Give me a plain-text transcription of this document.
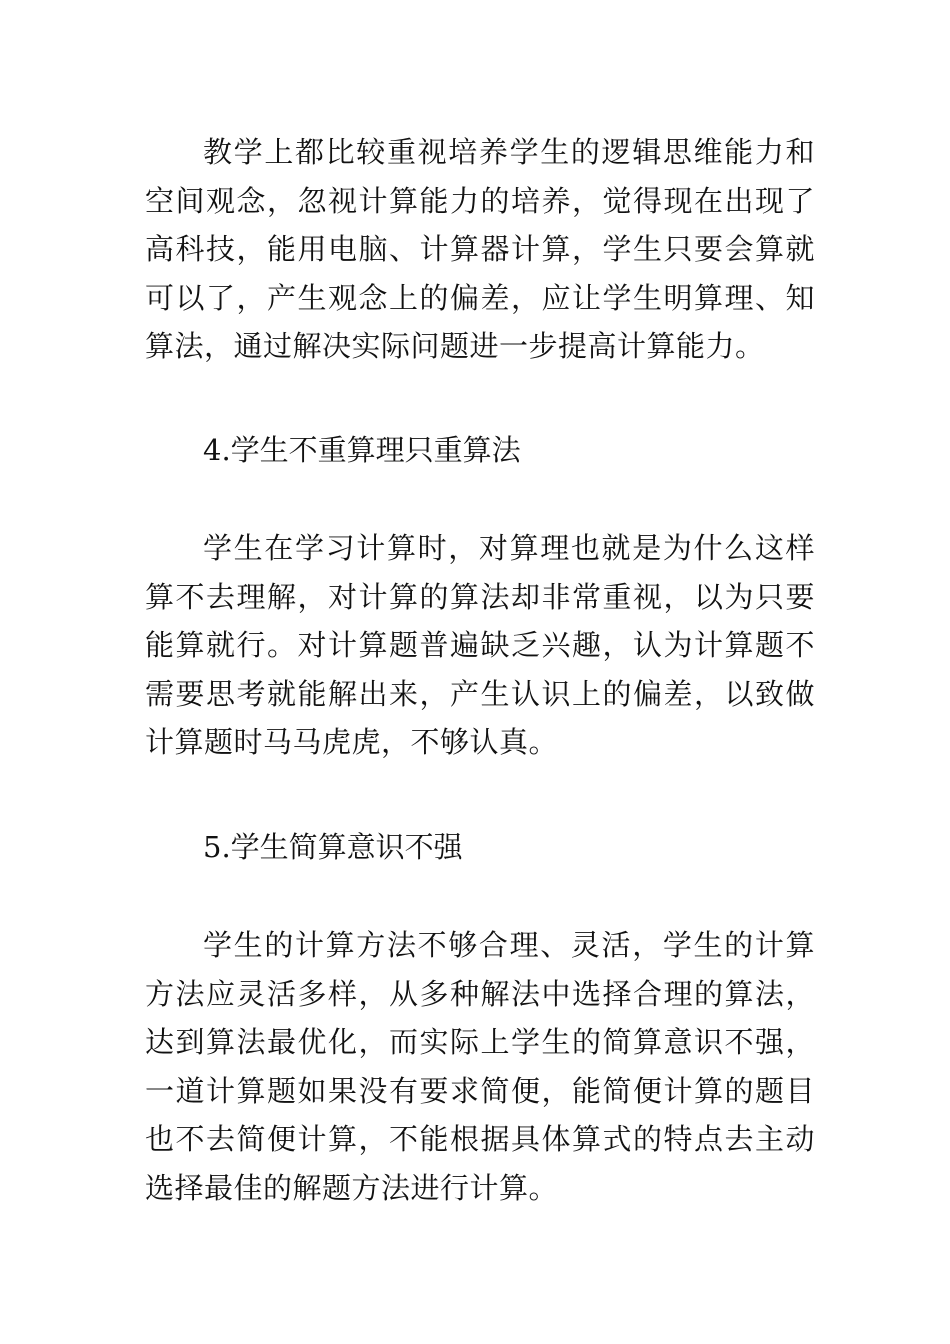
教学上都比较重视培养学生的逻辑思维能力和空间观念，忽视计算能力的培养，觉得现在出现了高科技，能用电脑、计算器计算，学生只要会算就可以了，产生观念上的偏差，应让学生明算理、知算法，通过解决实际问题进一步提高计算能力。

4.学生不重算理只重算法

学生在学习计算时，对算理也就是为什么这样算不去理解，对计算的算法却非常重视，以为只要能算就行。对计算题普遍缺乏兴趣，认为计算题不需要思考就能解出来，产生认识上的偏差，以致做计算题时马马虎虎，不够认真。

5.学生简算意识不强

学生的计算方法不够合理、灵活，学生的计算方法应灵活多样，从多种解法中选择合理的算法，达到算法最优化，而实际上学生的简算意识不强，一道计算题如果没有要求简便，能简便计算的题目也不去简便计算，不能根据具体算式的特点去主动选择最佳的解题方法进行计算。
